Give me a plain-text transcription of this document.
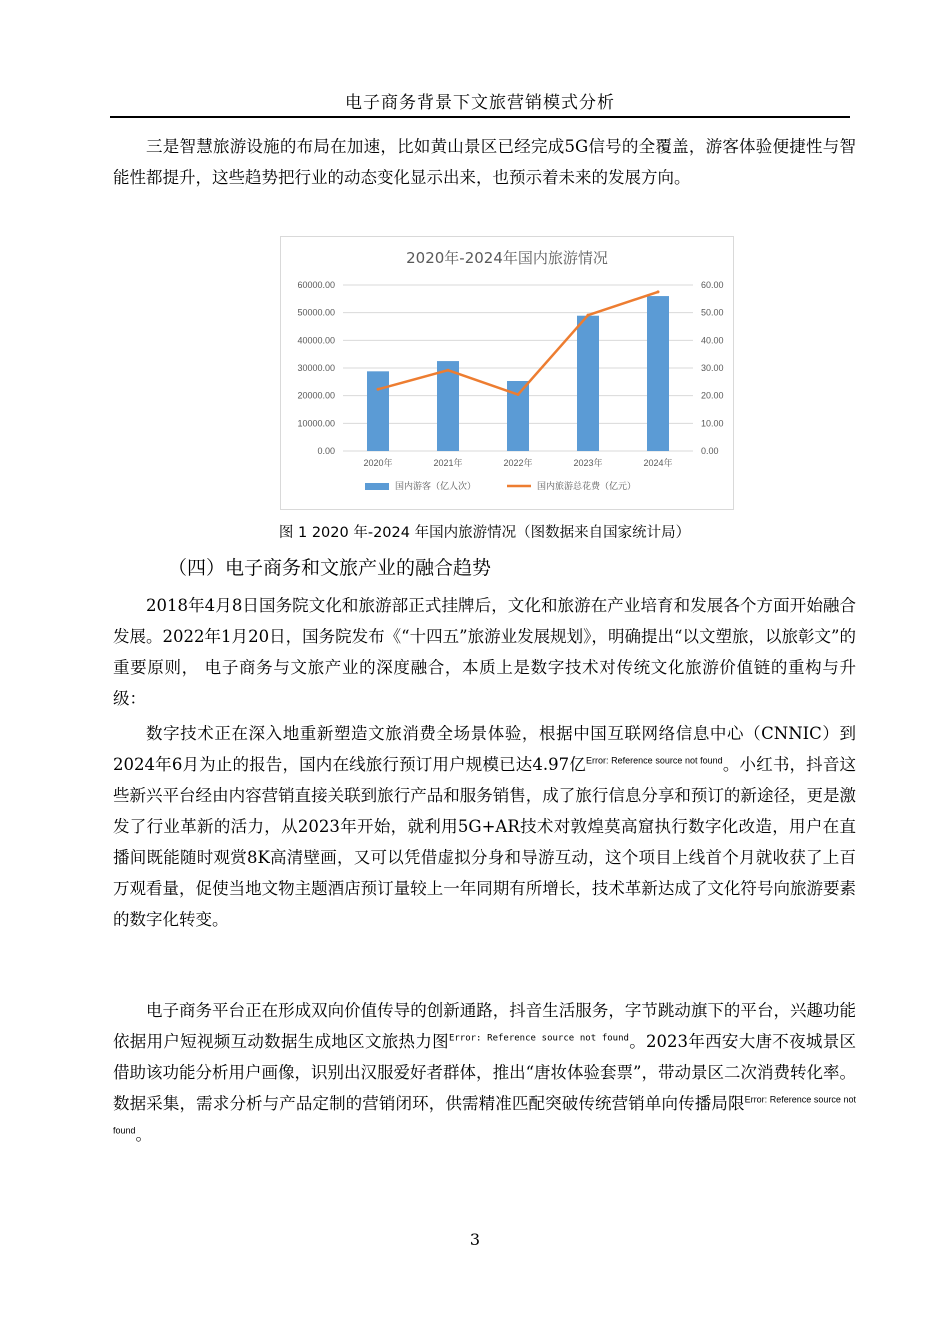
电子商务背景下文旅营销模式分析

三是智慧旅游设施的布局在加速，比如黄山景区已经完成5G信号的全覆盖，游客体验便捷性与智能性都提升，这些趋势把行业的动态变化显示出来，也预示着未来的发展方向。

2020年-2024年国内旅游情况
0.00
10000.00
20000.00
30000.00
40000.00
50000.00
60000.00
0.00
10.00
20.00
30.00
40.00
50.00
60.00
2020年	2021年	2022年	2023年	2024年
国内游客（亿人次）	国内旅游总花费（亿元）
图 1 2020 年-2024 年国内旅游情况（图数据来自国家统计局）
（四）电子商务和文旅产业的融合趋势

2018年4月8日国务院文化和旅游部正式挂牌后，文化和旅游在产业培育和发展各个方面开始融合发展。2022年1月20日，国务院发布《“十四五”旅游业发展规划》，明确提出“以文塑旅，以旅彰文”的重要原则， 电子商务与文旅产业的深度融合，本质上是数字技术对传统文化旅游价值链的重构与升级：

数字技术正在深入地重新塑造文旅消费全场景体验，根据中国互联网络信息中心（CNNIC）到2024年6月为止的报告，国内在线旅行预订用户规模已达4.97亿$^{Error: Reference source not found}$。小红书，抖音这些新兴平台经由内容营销直接关联到旅行产品和服务销售，成了旅行信息分享和预订的新途径，更是激发了行业革新的活力，从2023年开始，就利用5G+AR技术对敦煌莫高窟执行数字化改造，用户在直播间既能随时观赏8K高清壁画，又可以凭借虚拟分身和导游互动，这个项目上线首个月就收获了上百万观看量，促使当地文物主题酒店预订量较上一年同期有所增长，技术革新达成了文化符号向旅游要素的数字化转变。

电子商务平台正在形成双向价值传导的创新通路，抖音生活服务，字节跳动旗下的平台，兴趣功能依据用户短视频互动数据生成地区文旅热力图$^{Error: Reference source not found}$。2023年西安大唐不夜城景区借助该功能分析用户画像，识别出汉服爱好者群体，推出“唐妆体验套票”，带动景区二次消费转化率。数据采集，需求分析与产品定制的营销闭环，供需精准匹配突破传统营销单向传播局限$^{Error: Reference source not found}$。

3
